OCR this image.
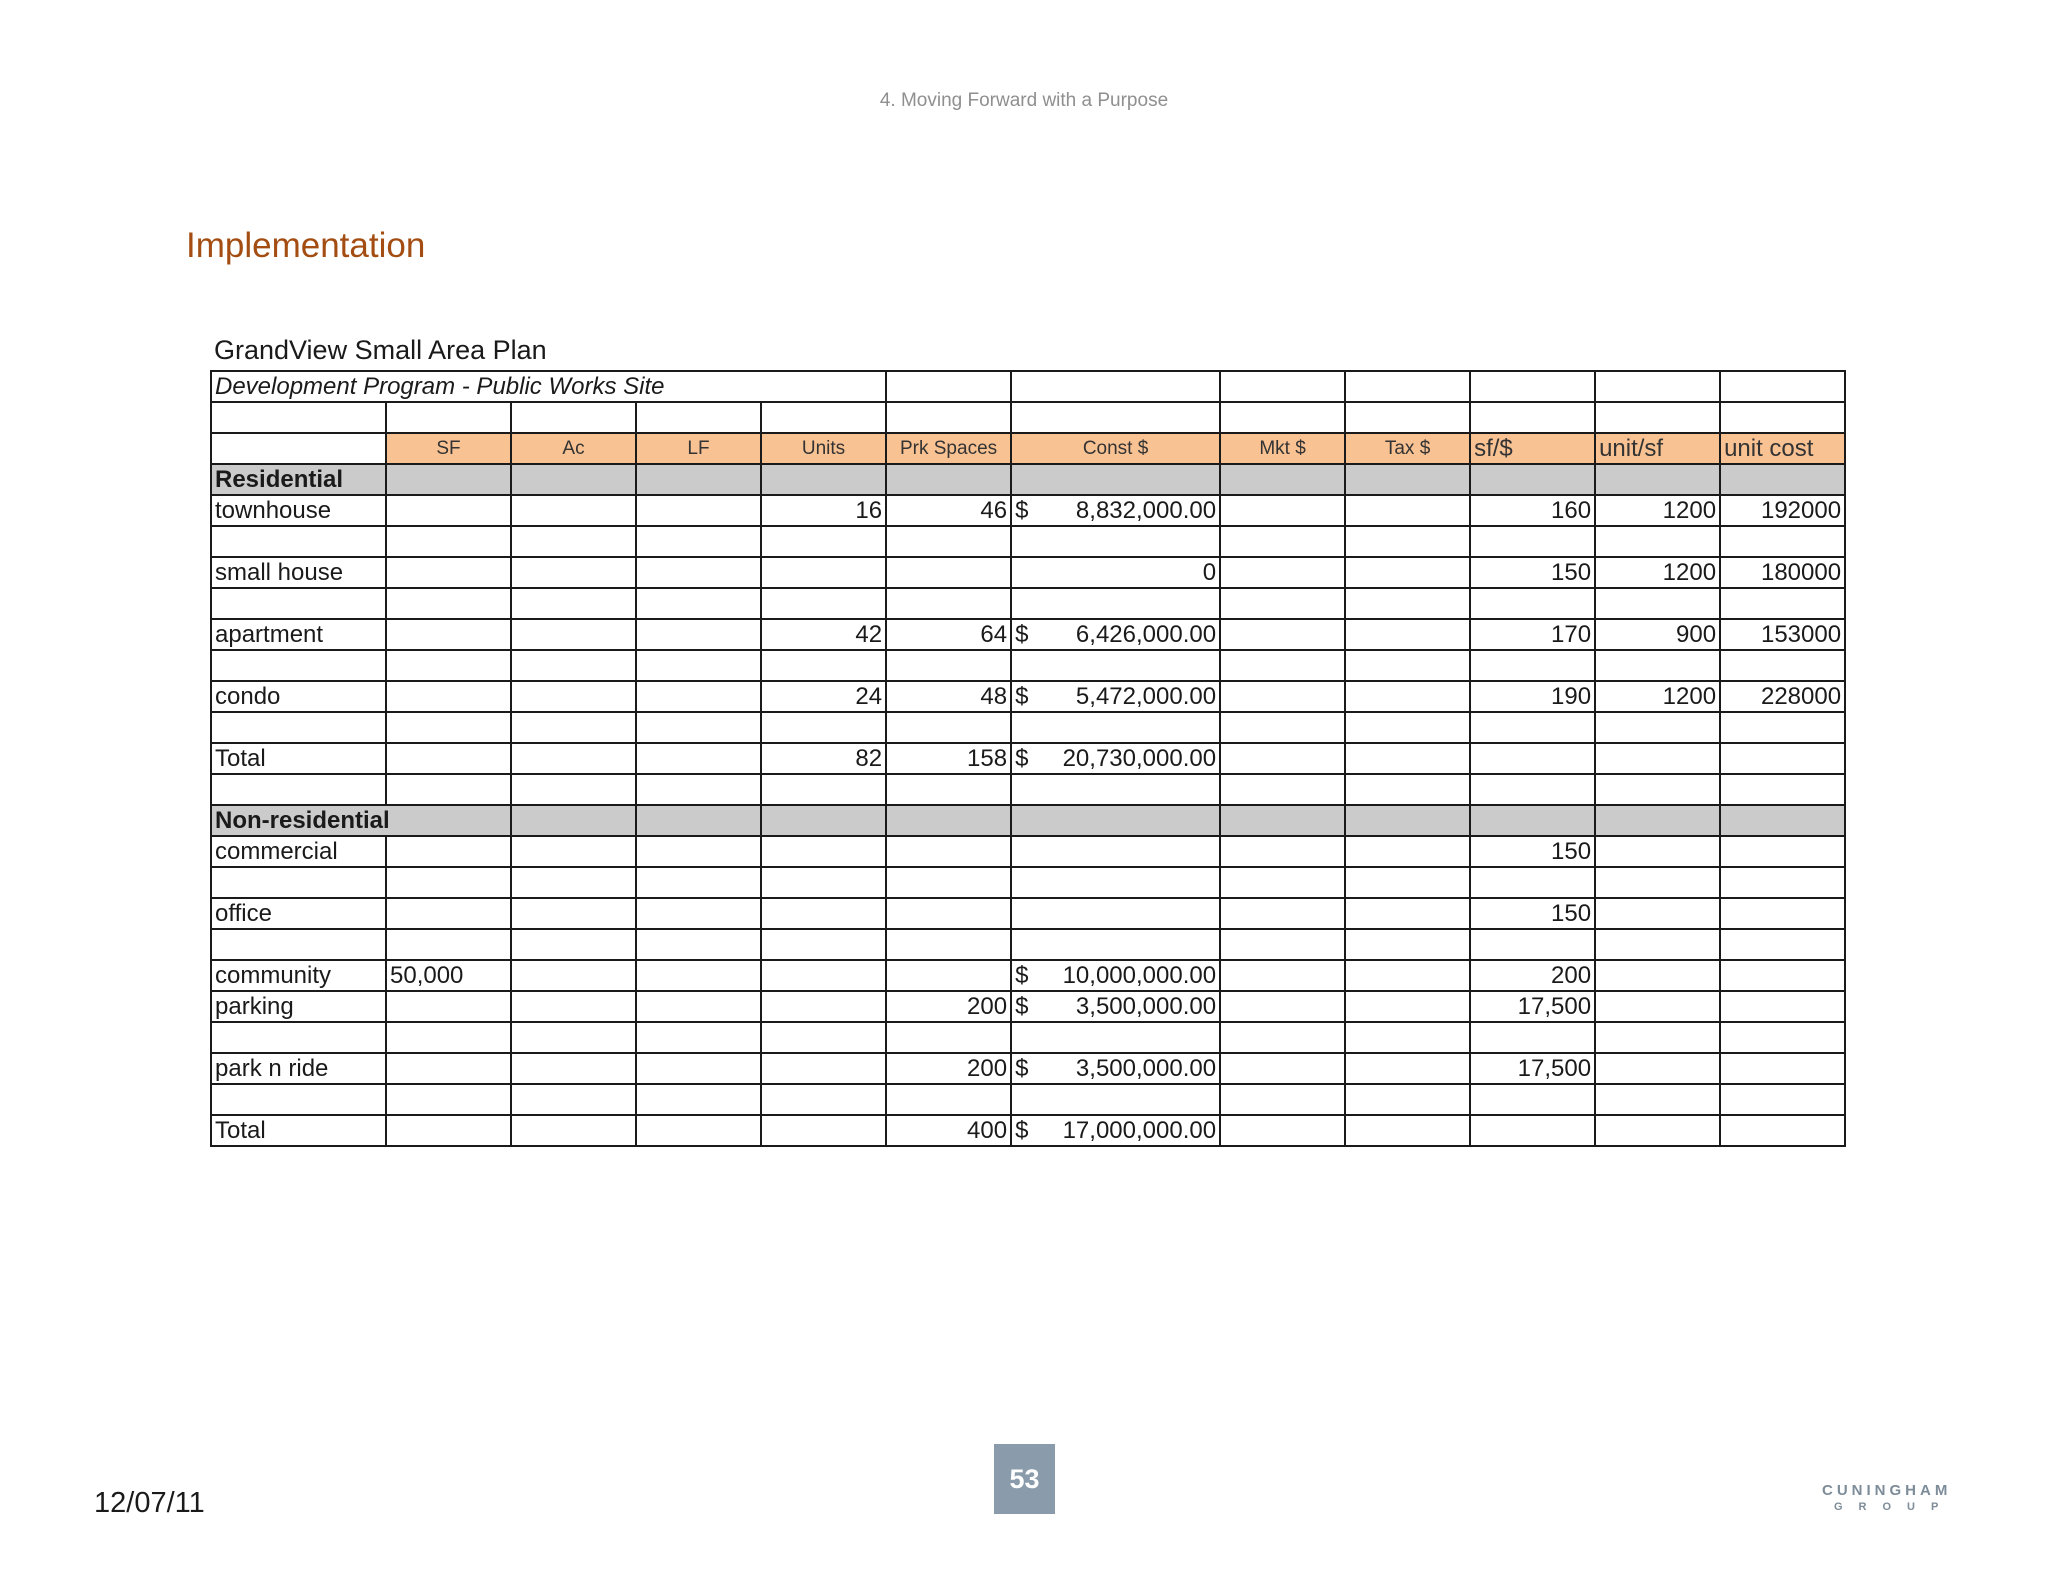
4. Moving Forward with a Purpose
Implementation
GrandView Small Area Plan
Development Program - Public Works Site											

	SF	Ac	LF	Units	Prk Spaces	Const $	Mkt $	Tax $	sf/$	unit/sf	unit cost
Residential											
townhouse				16	46	$ 8,832,000.00			160	1200	192000

small house						0			150	1200	180000

apartment				42	64	$ 6,426,000.00			170	900	153000

condo				24	48	$ 5,472,000.00			190	1200	228000

Total				82	158	$ 20,730,000.00					

Non-residential											
commercial									150		

office									150		

community	50,000					$ 10,000,000.00			200		
parking					200	$ 3,500,000.00			17,500		

park n ride					200	$ 3,500,000.00			17,500		

Total					400	$ 17,000,000.00					

53
12/07/11	CUNINGHAM
GROUP
